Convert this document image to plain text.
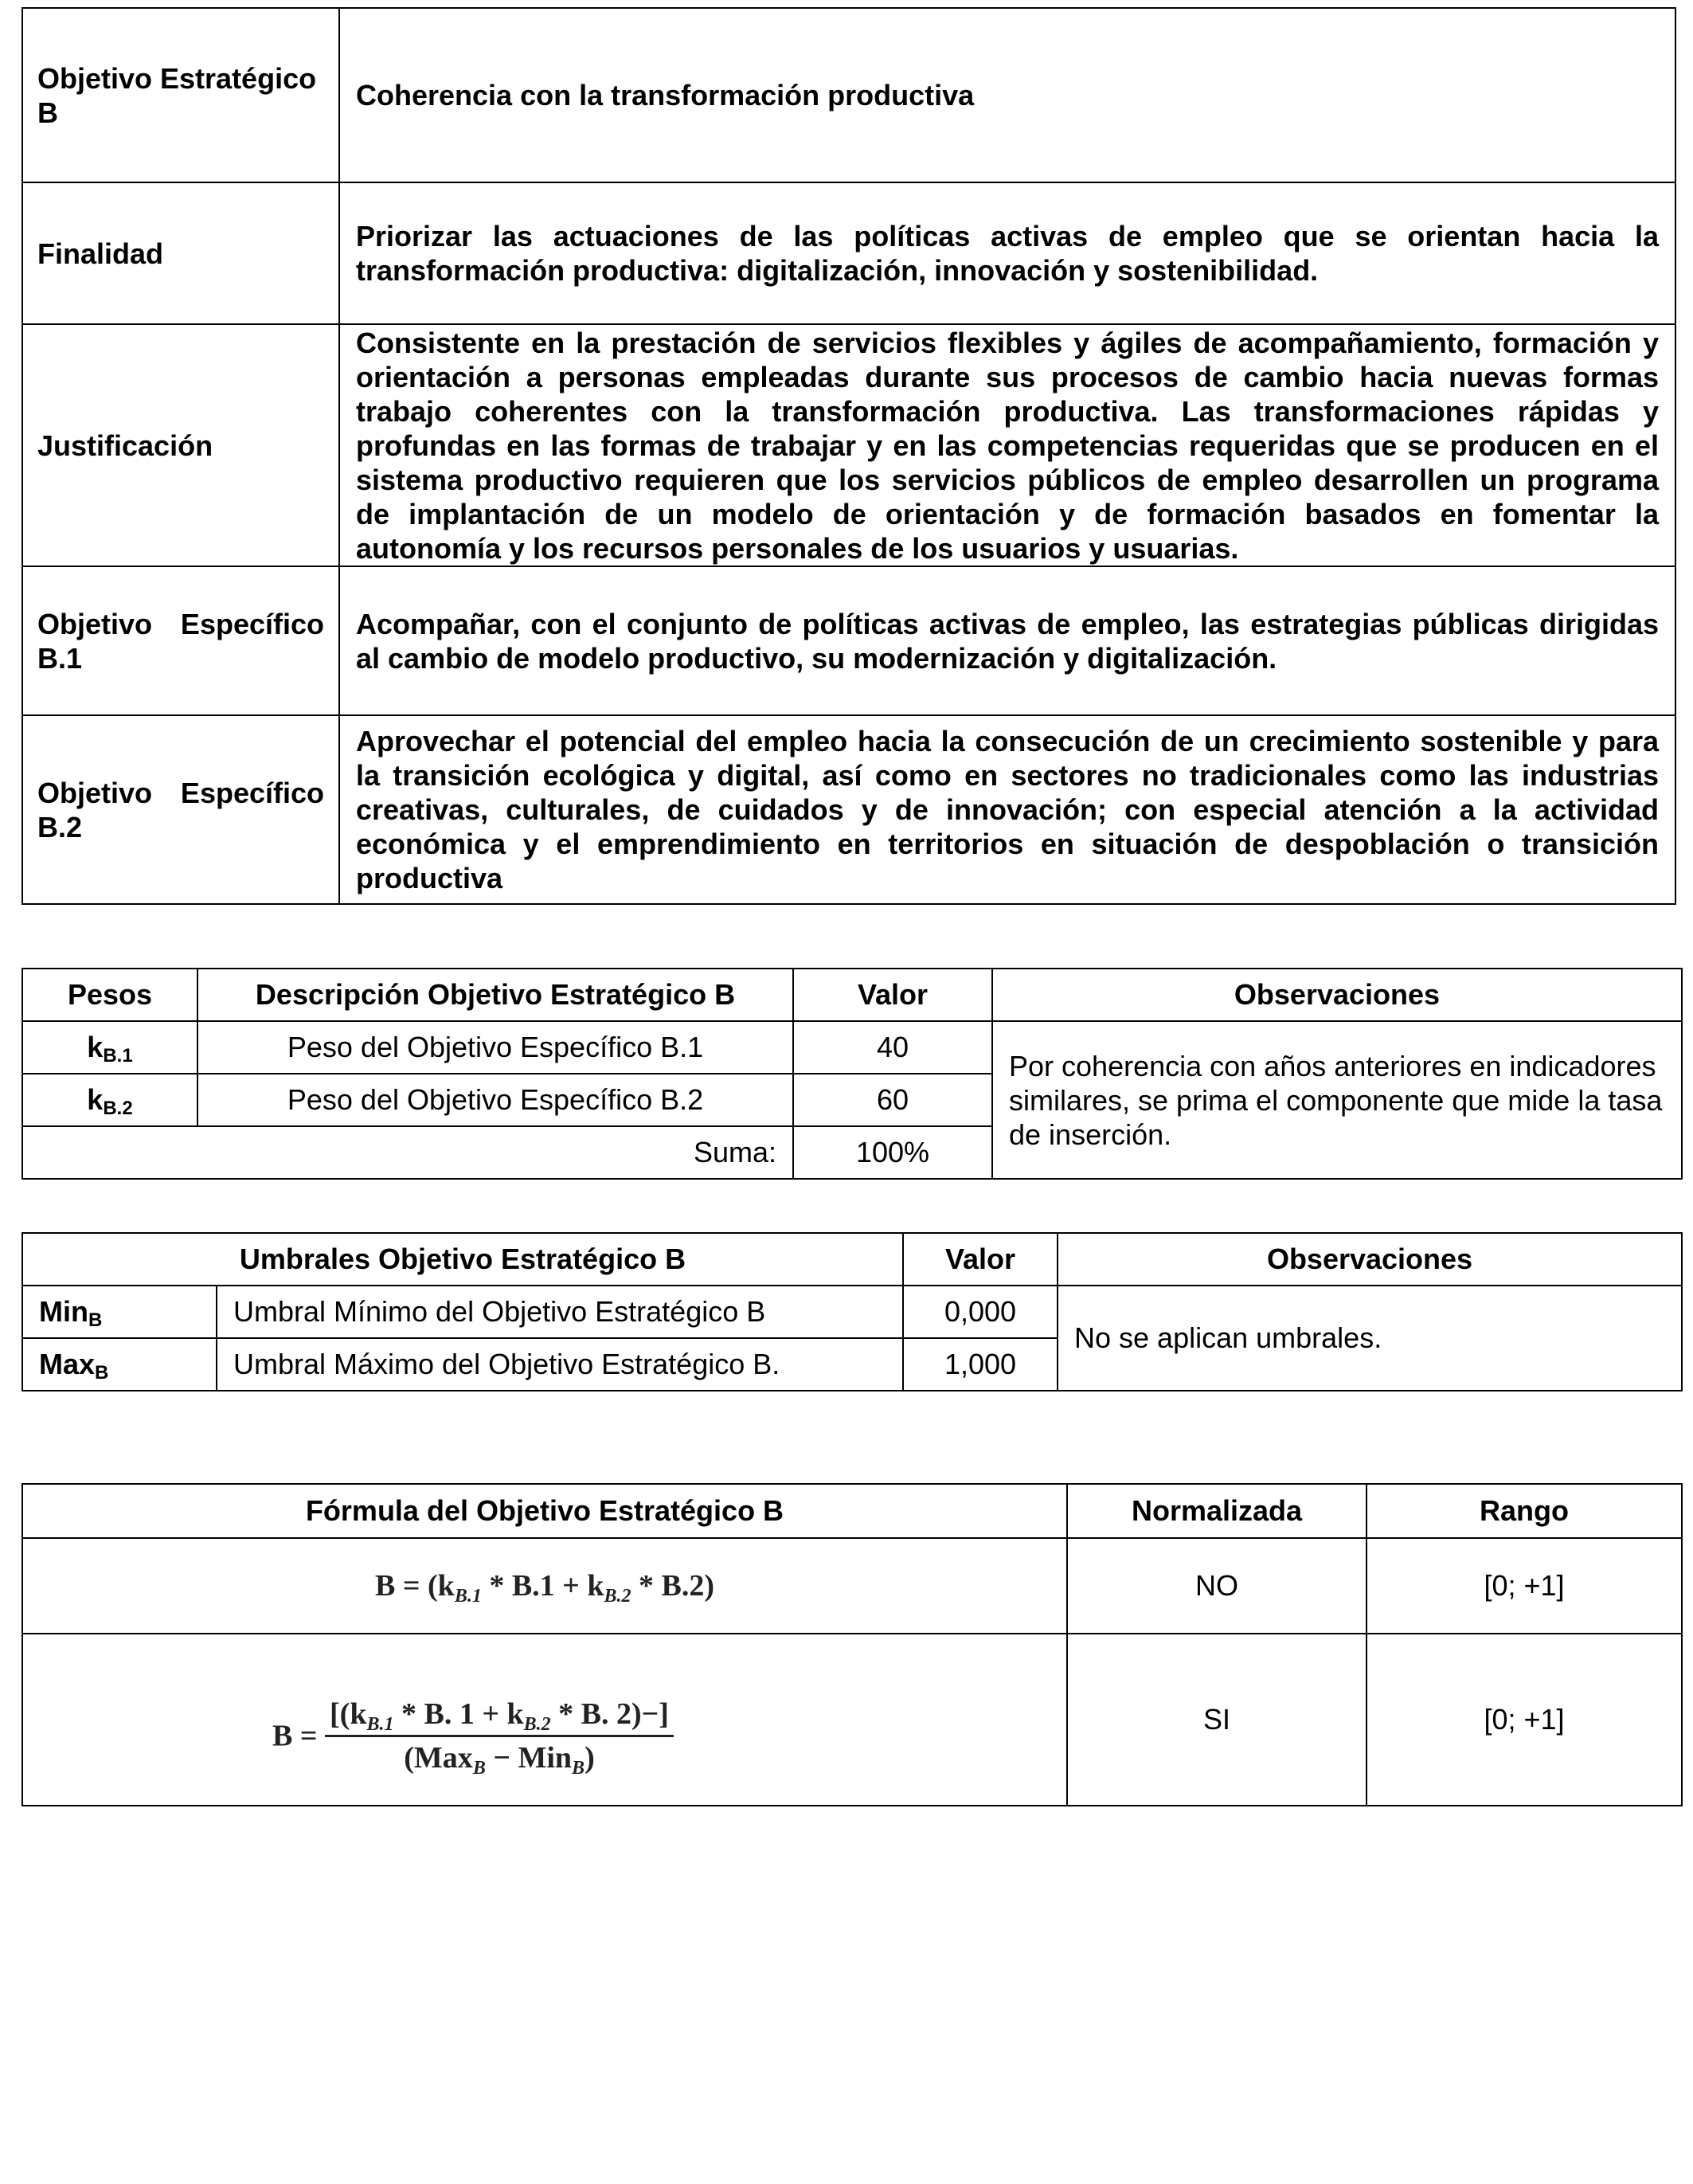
Objetivo Estratégico B	Coherencia con la transformación productiva
Finalidad	Priorizar las actuaciones de las políticas activas de empleo que se orientan hacia la transformación productiva: digitalización, innovación y sostenibilidad.
Justificación	Consistente en la prestación de servicios flexibles y ágiles de acompañamiento, formación y orientación a personas empleadas durante sus procesos de cambio hacia nuevas formas trabajo coherentes con la transformación productiva. Las transformaciones rápidas y profundas en las formas de trabajar y en las competencias requeridas que se producen en el sistema productivo requieren que los servicios públicos de empleo desarrollen un programa de implantación de un modelo de orientación y de formación basados en fomentar la autonomía y los recursos personales de los usuarios y usuarias.
Objetivo Específico B.1	Acompañar, con el conjunto de políticas activas de empleo, las estrategias públicas dirigidas al cambio de modelo productivo, su modernización y digitalización.
Objetivo Específico B.2	Aprovechar el potencial del empleo hacia la consecución de un crecimiento sostenible y para la transición ecológica y digital, así como en sectores no tradicionales como las industrias creativas, culturales, de cuidados y de innovación; con especial atención a la actividad económica y el emprendimiento en territorios en situación de despoblación o transición productiva
Pesos	Descripción Objetivo Estratégico B	Valor	Observaciones
$k_{B.1}$	Peso del Objetivo Específico B.1	40	Por coherencia con años anteriores en indicadores similares, se prima el componente que mide la tasa de inserción.
$k_{B.2}$	Peso del Objetivo Específico B.2	60	
Suma:		100%	
Umbrales Objetivo Estratégico B		Valor	Observaciones
Min$_B$	Umbral Mínimo del Objetivo Estratégico B	0,000	No se aplican umbrales.
Max$_B$	Umbral Máximo del Objetivo Estratégico B.	1,000	
Fórmula del Objetivo Estratégico B	Normalizada	Rango
$B = (k_{B.1} * B.1 + k_{B.2} * B.2)$	NO	[0; +1]
$B = \frac{[(k_{B.1} * B. 1 + k_{B.2} * B. 2)-]}{(Max_B - Min_B)}$	SI	[0; +1]
